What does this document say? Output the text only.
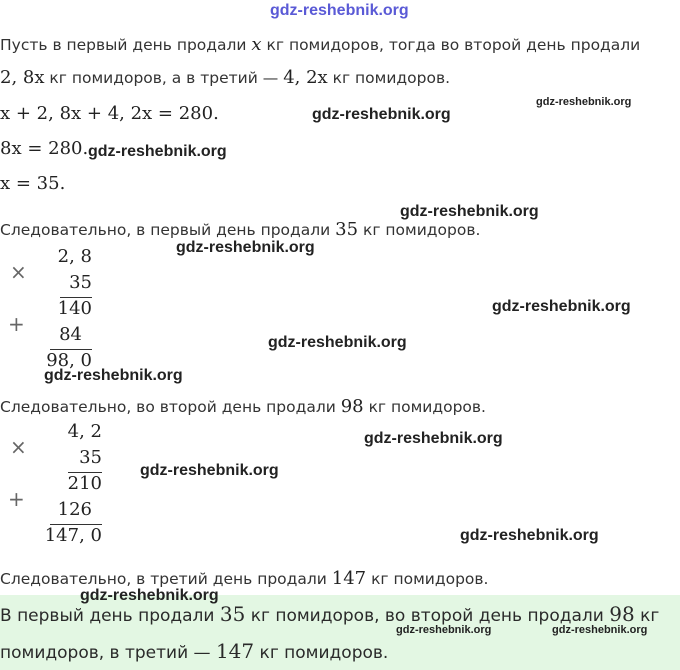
gdz-reshebnik.org
Пусть в первый день продали x кг помидоров, тогда во второй день продали
2, 8x кг помидоров, а в третий — 4, 2x кг помидоров.
x + 2, 8x + 4, 2x = 280.	gdz-reshebnik.org
gdz-reshebnik.org
8x = 280. gdz-reshebnik.org
x = 35.
gdz-reshebnik.org
Следовательно, в первый день продали 35 кг помидоров.
gdz-reshebnik.org
×
2, 8
35
140
+	84
98, 0
gdz-reshebnik.org
gdz-reshebnik.org
gdz-reshebnik.org
Следовательно, во второй день продали 98 кг помидоров.
×
4, 2
35
210
+	126
147, 0
gdz-reshebnik.org
gdz-reshebnik.org
gdz-reshebnik.org
Следовательно, в третий день продали 147 кг помидоров.
gdz-reshebnik.org
В первый день продали 35 кг помидоров, во второй день продали 98 кг
gdz-reshebnik.org	gdz-reshebnik.org
помидоров, в третий — 147 кг помидоров.
